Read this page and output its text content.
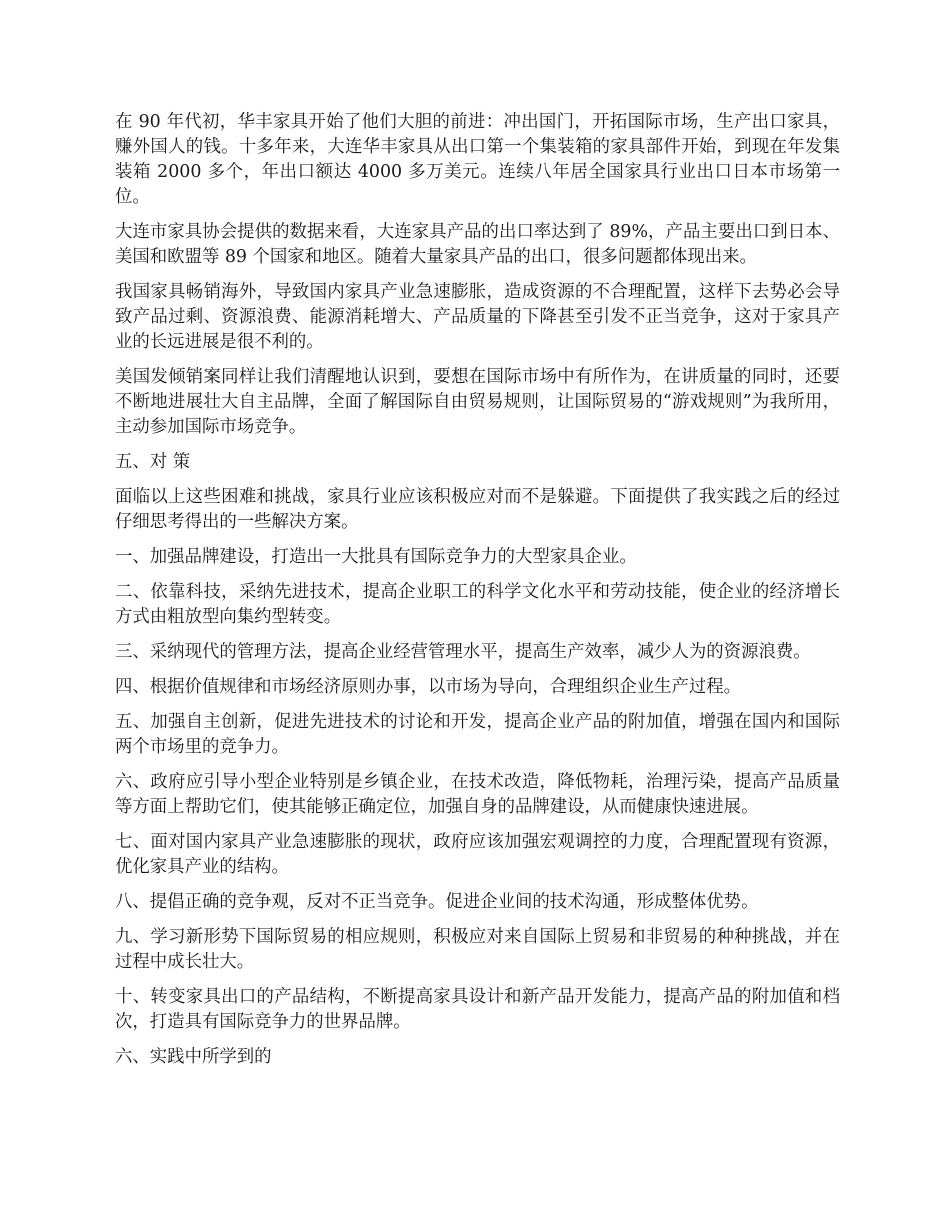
在 90 年代初，华丰家具开始了他们大胆的前进：冲出国门，开拓国际市场，生产出口家具，赚外国人的钱。十多年来，大连华丰家具从出口第一个集装箱的家具部件开始，到现在年发集装箱 2000 多个，年出口额达 4000 多万美元。连续八年居全国家具行业出口日本市场第一位。

大连市家具协会提供的数据来看，大连家具产品的出口率达到了 89%，产品主要出口到日本、美国和欧盟等 89 个国家和地区。随着大量家具产品的出口，很多问题都体现出来。

我国家具畅销海外，导致国内家具产业急速膨胀，造成资源的不合理配置，这样下去势必会导致产品过剩、资源浪费、能源消耗增大、产品质量的下降甚至引发不正当竞争，这对于家具产业的长远进展是很不利的。

美国发倾销案同样让我们清醒地认识到，要想在国际市场中有所作为，在讲质量的同时，还要不断地进展壮大自主品牌，全面了解国际自由贸易规则，让国际贸易的“游戏规则”为我所用，主动参加国际市场竞争。

五、对 策

面临以上这些困难和挑战，家具行业应该积极应对而不是躲避。下面提供了我实践之后的经过仔细思考得出的一些解决方案。

一、加强品牌建设，打造出一大批具有国际竞争力的大型家具企业。

二、依靠科技，采纳先进技术，提高企业职工的科学文化水平和劳动技能，使企业的经济增长方式由粗放型向集约型转变。

三、采纳现代的管理方法，提高企业经营管理水平，提高生产效率，减少人为的资源浪费。

四、根据价值规律和市场经济原则办事，以市场为导向，合理组织企业生产过程。

五、加强自主创新，促进先进技术的讨论和开发，提高企业产品的附加值，增强在国内和国际两个市场里的竞争力。

六、政府应引导小型企业特别是乡镇企业，在技术改造，降低物耗，治理污染，提高产品质量等方面上帮助它们，使其能够正确定位，加强自身的品牌建设，从而健康快速进展。

七、面对国内家具产业急速膨胀的现状，政府应该加强宏观调控的力度，合理配置现有资源，优化家具产业的结构。

八、提倡正确的竞争观，反对不正当竞争。促进企业间的技术沟通，形成整体优势。

九、学习新形势下国际贸易的相应规则，积极应对来自国际上贸易和非贸易的种种挑战，并在过程中成长壮大。

十、转变家具出口的产品结构，不断提高家具设计和新产品开发能力，提高产品的附加值和档次，打造具有国际竞争力的世界品牌。

六、实践中所学到的
